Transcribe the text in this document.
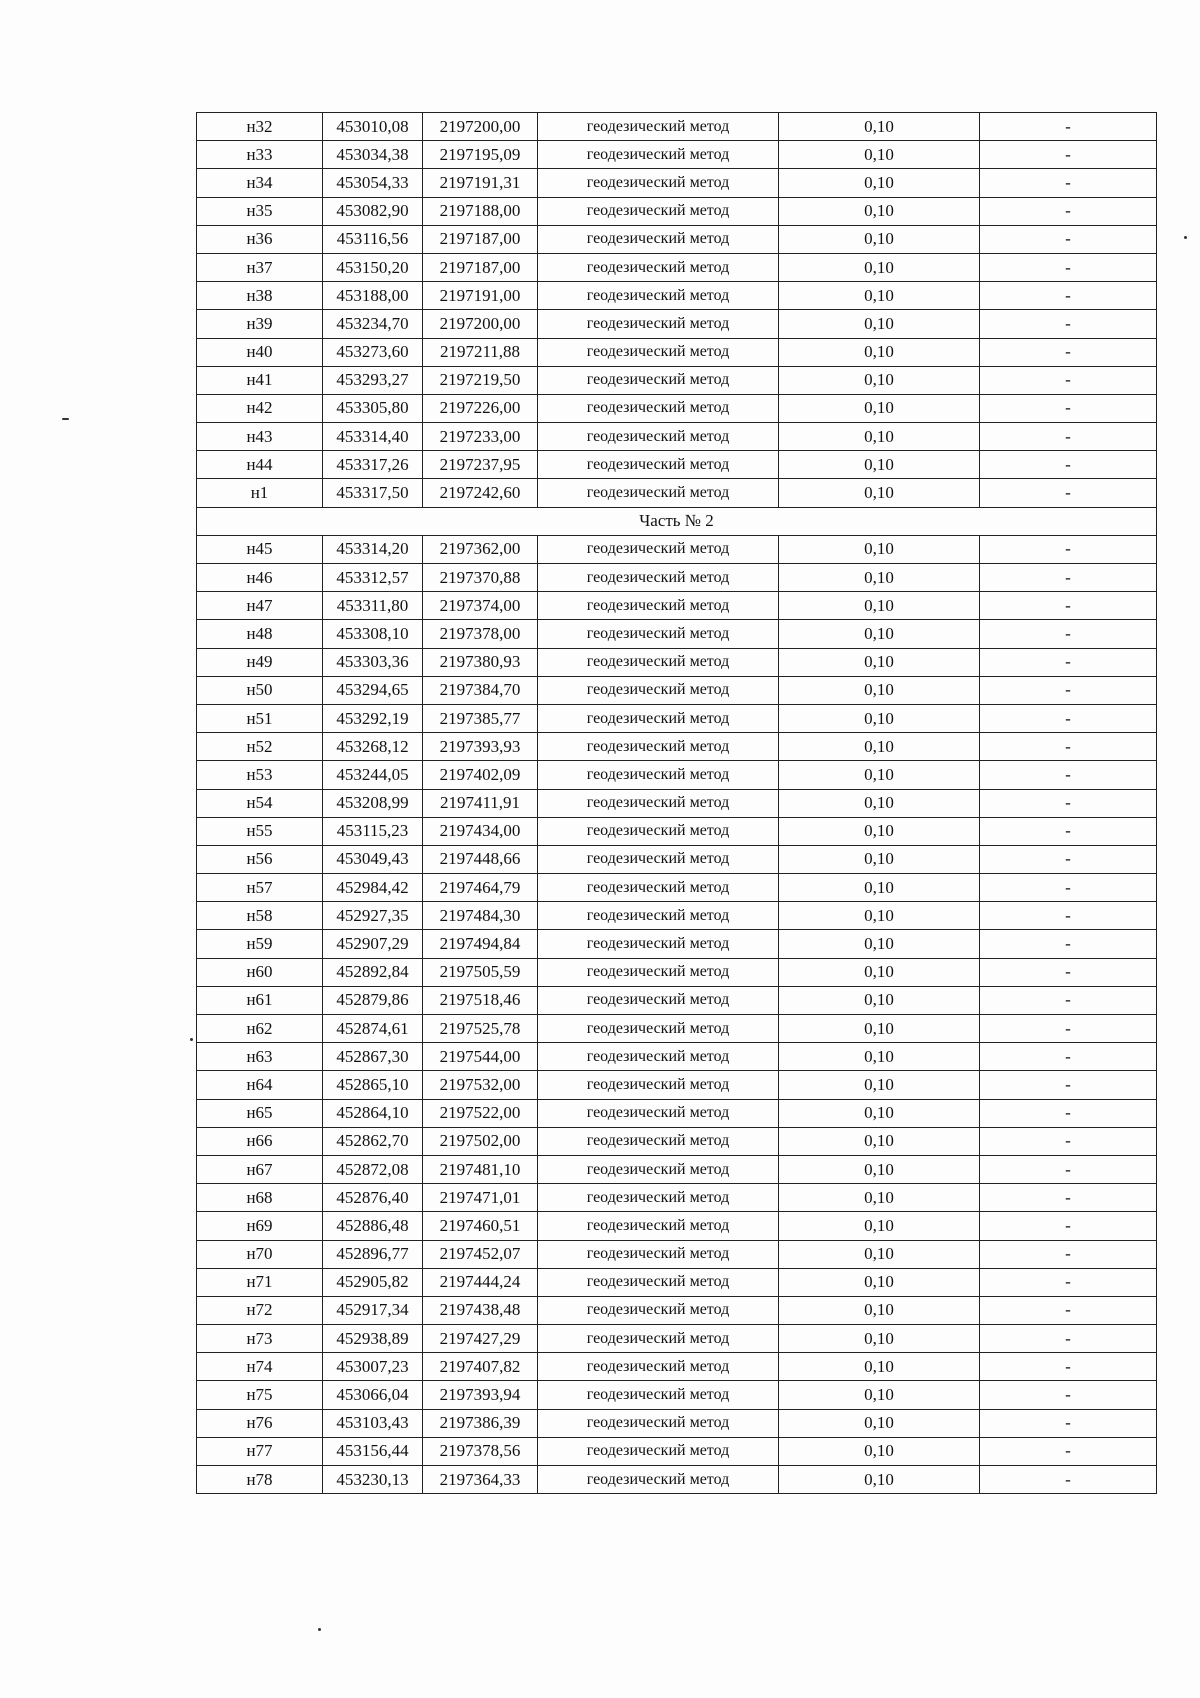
н32	453010,08	2197200,00	геодезический метод	0,10	-
н33	453034,38	2197195,09	геодезический метод	0,10	-
н34	453054,33	2197191,31	геодезический метод	0,10	-
н35	453082,90	2197188,00	геодезический метод	0,10	-
н36	453116,56	2197187,00	геодезический метод	0,10	-
н37	453150,20	2197187,00	геодезический метод	0,10	-
н38	453188,00	2197191,00	геодезический метод	0,10	-
н39	453234,70	2197200,00	геодезический метод	0,10	-
н40	453273,60	2197211,88	геодезический метод	0,10	-
н41	453293,27	2197219,50	геодезический метод	0,10	-
н42	453305,80	2197226,00	геодезический метод	0,10	-
н43	453314,40	2197233,00	геодезический метод	0,10	-
н44	453317,26	2197237,95	геодезический метод	0,10	-
н1	453317,50	2197242,60	геодезический метод	0,10	-
Часть № 2					
н45	453314,20	2197362,00	геодезический метод	0,10	-
н46	453312,57	2197370,88	геодезический метод	0,10	-
н47	453311,80	2197374,00	геодезический метод	0,10	-
н48	453308,10	2197378,00	геодезический метод	0,10	-
н49	453303,36	2197380,93	геодезический метод	0,10	-
н50	453294,65	2197384,70	геодезический метод	0,10	-
н51	453292,19	2197385,77	геодезический метод	0,10	-
н52	453268,12	2197393,93	геодезический метод	0,10	-
н53	453244,05	2197402,09	геодезический метод	0,10	-
н54	453208,99	2197411,91	геодезический метод	0,10	-
н55	453115,23	2197434,00	геодезический метод	0,10	-
н56	453049,43	2197448,66	геодезический метод	0,10	-
н57	452984,42	2197464,79	геодезический метод	0,10	-
н58	452927,35	2197484,30	геодезический метод	0,10	-
н59	452907,29	2197494,84	геодезический метод	0,10	-
н60	452892,84	2197505,59	геодезический метод	0,10	-
н61	452879,86	2197518,46	геодезический метод	0,10	-
н62	452874,61	2197525,78	геодезический метод	0,10	-
н63	452867,30	2197544,00	геодезический метод	0,10	-
н64	452865,10	2197532,00	геодезический метод	0,10	-
н65	452864,10	2197522,00	геодезический метод	0,10	-
н66	452862,70	2197502,00	геодезический метод	0,10	-
н67	452872,08	2197481,10	геодезический метод	0,10	-
н68	452876,40	2197471,01	геодезический метод	0,10	-
н69	452886,48	2197460,51	геодезический метод	0,10	-
н70	452896,77	2197452,07	геодезический метод	0,10	-
н71	452905,82	2197444,24	геодезический метод	0,10	-
н72	452917,34	2197438,48	геодезический метод	0,10	-
н73	452938,89	2197427,29	геодезический метод	0,10	-
н74	453007,23	2197407,82	геодезический метод	0,10	-
н75	453066,04	2197393,94	геодезический метод	0,10	-
н76	453103,43	2197386,39	геодезический метод	0,10	-
н77	453156,44	2197378,56	геодезический метод	0,10	-
н78	453230,13	2197364,33	геодезический метод	0,10	-
